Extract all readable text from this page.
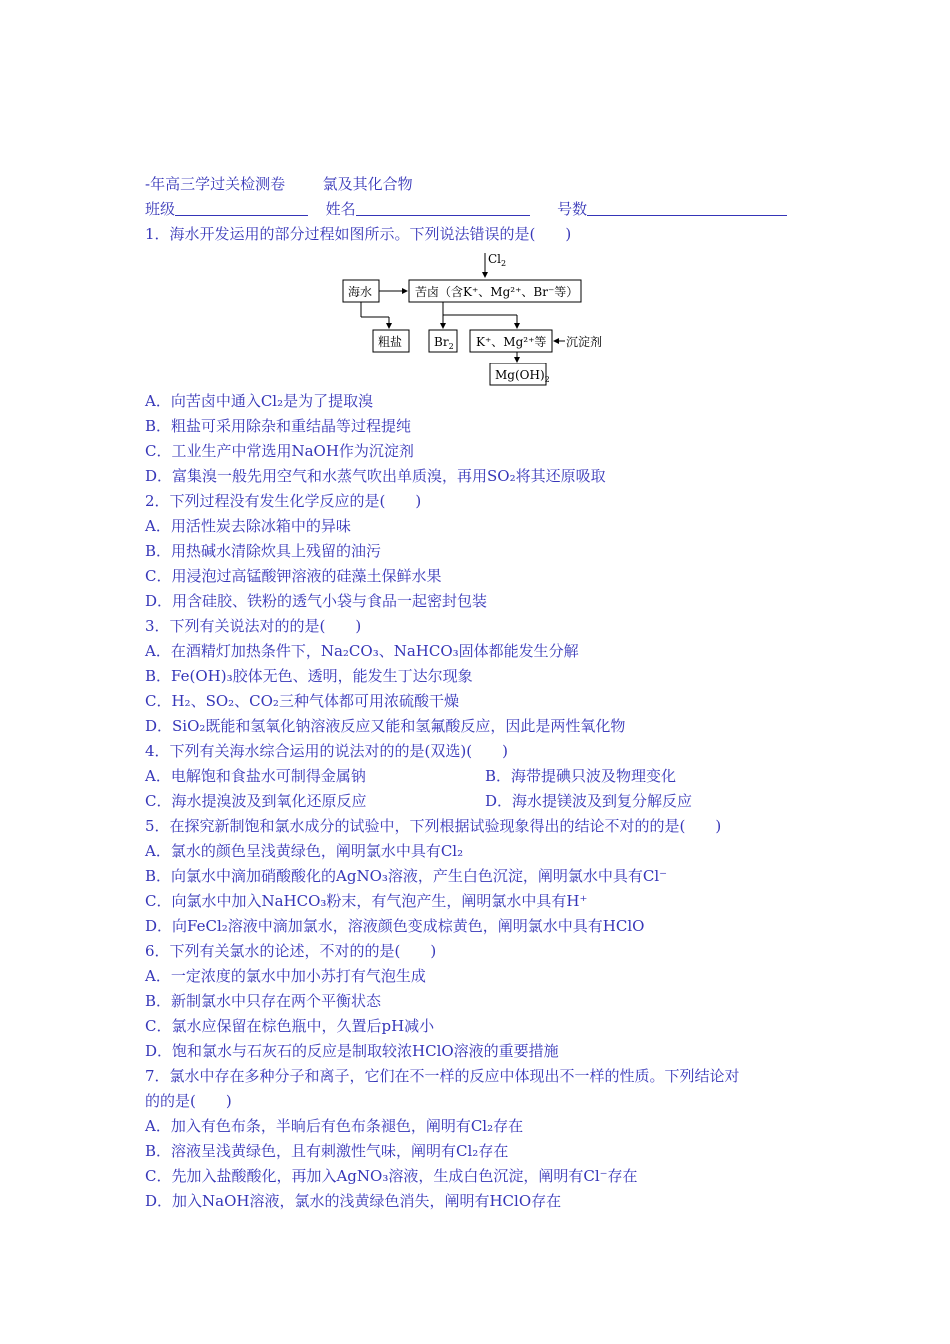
-年高三学过关检测卷	氯及其化合物
班级	姓名	号数
1．海水开发运用的部分过程如图所示。下列说法错误的是(　　)
$Cl_2$
海水	苦卤（含K⁺、Mg²⁺、Br⁻等）
粗盐	$Br_2$ K⁺、Mg²⁺等 沉淀剂
$Mg(OH)_2$
A．向苦卤中通入Cl₂是为了提取溴
B．粗盐可采用除杂和重结晶等过程提纯
C．工业生产中常选用NaOH作为沉淀剂
D．富集溴一般先用空气和水蒸气吹出单质溴，再用SO₂将其还原吸取
2．下列过程没有发生化学反应的是(　　)
A．用活性炭去除冰箱中的异味
B．用热碱水清除炊具上残留的油污
C．用浸泡过高锰酸钾溶液的硅藻土保鲜水果
D．用含硅胶、铁粉的透气小袋与食品一起密封包装
3．下列有关说法对的的是(　　)
A．在酒精灯加热条件下，Na₂CO₃、NaHCO₃固体都能发生分解
B．Fe(OH)₃胶体无色、透明，能发生丁达尔现象
C．H₂、SO₂、CO₂三种气体都可用浓硫酸干燥
D．SiO₂既能和氢氧化钠溶液反应又能和氢氟酸反应，因此是两性氧化物
4．下列有关海水综合运用的说法对的的是(双选)(　　)
A．电解饱和食盐水可制得金属钠	B．海带提碘只波及物理变化
C．海水提溴波及到氧化还原反应	D．海水提镁波及到复分解反应
5．在探究新制饱和氯水成分的试验中，下列根据试验现象得出的结论不对的的是(　　)
A．氯水的颜色呈浅黄绿色，阐明氯水中具有Cl₂
B．向氯水中滴加硝酸酸化的AgNO₃溶液，产生白色沉淀，阐明氯水中具有Cl⁻
C．向氯水中加入NaHCO₃粉末，有气泡产生，阐明氯水中具有H⁺
D．向FeCl₂溶液中滴加氯水，溶液颜色变成棕黄色，阐明氯水中具有HClO
6．下列有关氯水的论述，不对的的是(　　)
A．一定浓度的氯水中加小苏打有气泡生成
B．新制氯水中只存在两个平衡状态
C．氯水应保留在棕色瓶中，久置后pH减小
D．饱和氯水与石灰石的反应是制取较浓HClO溶液的重要措施
7．氯水中存在多种分子和离子，它们在不一样的反应中体现出不一样的性质。下列结论对
的的是(　　)
A．加入有色布条，半晌后有色布条褪色，阐明有Cl₂存在
B．溶液呈浅黄绿色，且有刺激性气味，阐明有Cl₂存在
C．先加入盐酸酸化，再加入AgNO₃溶液，生成白色沉淀，阐明有Cl⁻存在
D．加入NaOH溶液，氯水的浅黄绿色消失，阐明有HClO存在
